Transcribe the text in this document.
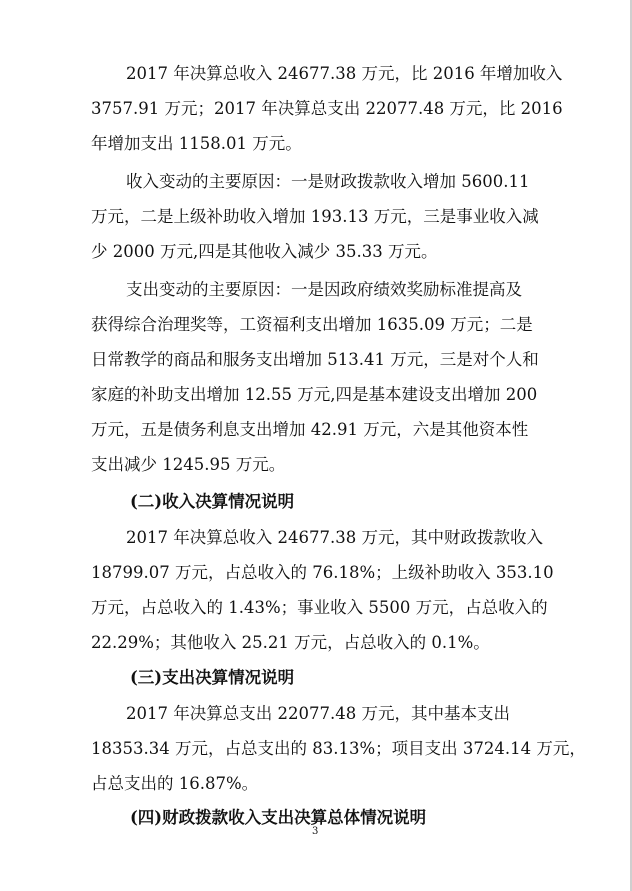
2017 年决算总收入 24677.38 万元，比 2016 年增加收入
3757.91 万元；2017 年决算总支出 22077.48 万元，比 2016
年增加支出 1158.01 万元。
收入变动的主要原因：一是财政拨款收入增加 5600.11
万元，二是上级补助收入增加 193.13 万元，三是事业收入减
少 2000 万元,四是其他收入减少 35.33 万元。
支出变动的主要原因：一是因政府绩效奖励标准提高及
获得综合治理奖等，工资福利支出增加 1635.09 万元；二是
日常教学的商品和服务支出增加 513.41 万元，三是对个人和
家庭的补助支出增加 12.55 万元,四是基本建设支出增加 200
万元，五是债务利息支出增加 42.91 万元，六是其他资本性
支出减少 1245.95 万元。
(二)收入决算情况说明
2017 年决算总收入 24677.38 万元，其中财政拨款收入
18799.07 万元，占总收入的 76.18%；上级补助收入 353.10
万元，占总收入的 1.43%；事业收入 5500 万元，占总收入的
22.29%；其他收入 25.21 万元，占总收入的 0.1%。
(三)支出决算情况说明
2017 年决算总支出 22077.48 万元，其中基本支出
18353.34 万元，占总支出的 83.13%；项目支出 3724.14 万元，
占总支出的 16.87%。
(四)财政拨款收入支出决算总体情况说明
3
